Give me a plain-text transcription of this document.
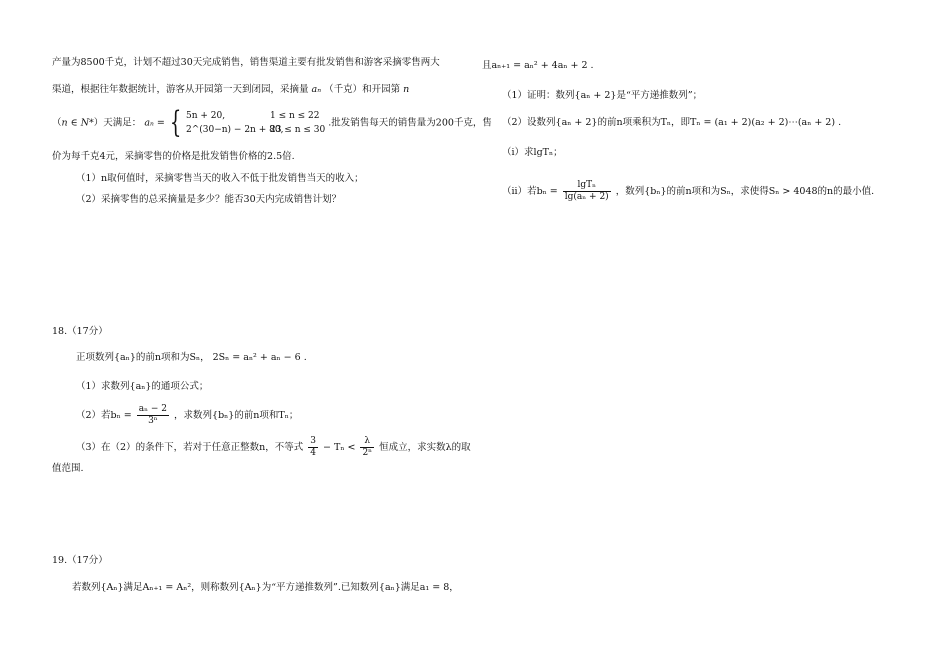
产量为8500千克，计划不超过30天完成销售，销售渠道主要有批发销售和游客采摘零售两大
渠道，根据往年数据统计，游客从开园第一天到闭园，采摘量 aₙ （千克）和开园第 n
（n ∈ N*）天满足： aₙ = { 5n + 20,	1 ≤ n ≤ 22
2^(30−n) − 2n + 80,23 ≤ n ≤ 30
.批发销售每天的销售量为200千克，售
价为每千克4元，采摘零售的价格是批发销售价格的2.5倍.
（1）n取何值时，采摘零售当天的收入不低于批发销售当天的收入；
（2）采摘零售的总采摘量是多少？能否30天内完成销售计划？
18.（17分）
正项数列{aₙ}的前n项和为Sₙ， 2Sₙ = aₙ² + aₙ − 6 .
（1）求数列{aₙ}的通项公式；
（2）若$b_n = \frac{\text{aₙ − 2}}{\text{3ⁿ}}$ ，求数列{bₙ}的前n项和Tₙ；
（3）在（2）的条件下，若对于任意正整数n，不等式 $\frac{3}{4} - T_n < \frac{\lambda}{\text{2ⁿ}}$ 恒成立，求实数λ的取
值范围.
19.（17分）
若数列{Aₙ}满足Aₙ₊₁ = Aₙ²，则称数列{Aₙ}为“平方递推数列”.已知数列{aₙ}满足a₁ = 8，
且aₙ₊₁ = aₙ² + 4aₙ + 2 .
（1）证明：数列{aₙ + 2}是“平方递推数列”；
（2）设数列{aₙ + 2}的前n项乘积为Tₙ，即Tₙ = (a₁ + 2)(a₂ + 2)⋯(aₙ + 2) .
（i）求lgTₙ；
（ii）若$b_n = \frac{\text{lgTₙ}}{\text{lg(aₙ + 2)}}$ ，数列{bₙ}的前n项和为Sₙ，求使得Sₙ > 4048的n的最小值.
